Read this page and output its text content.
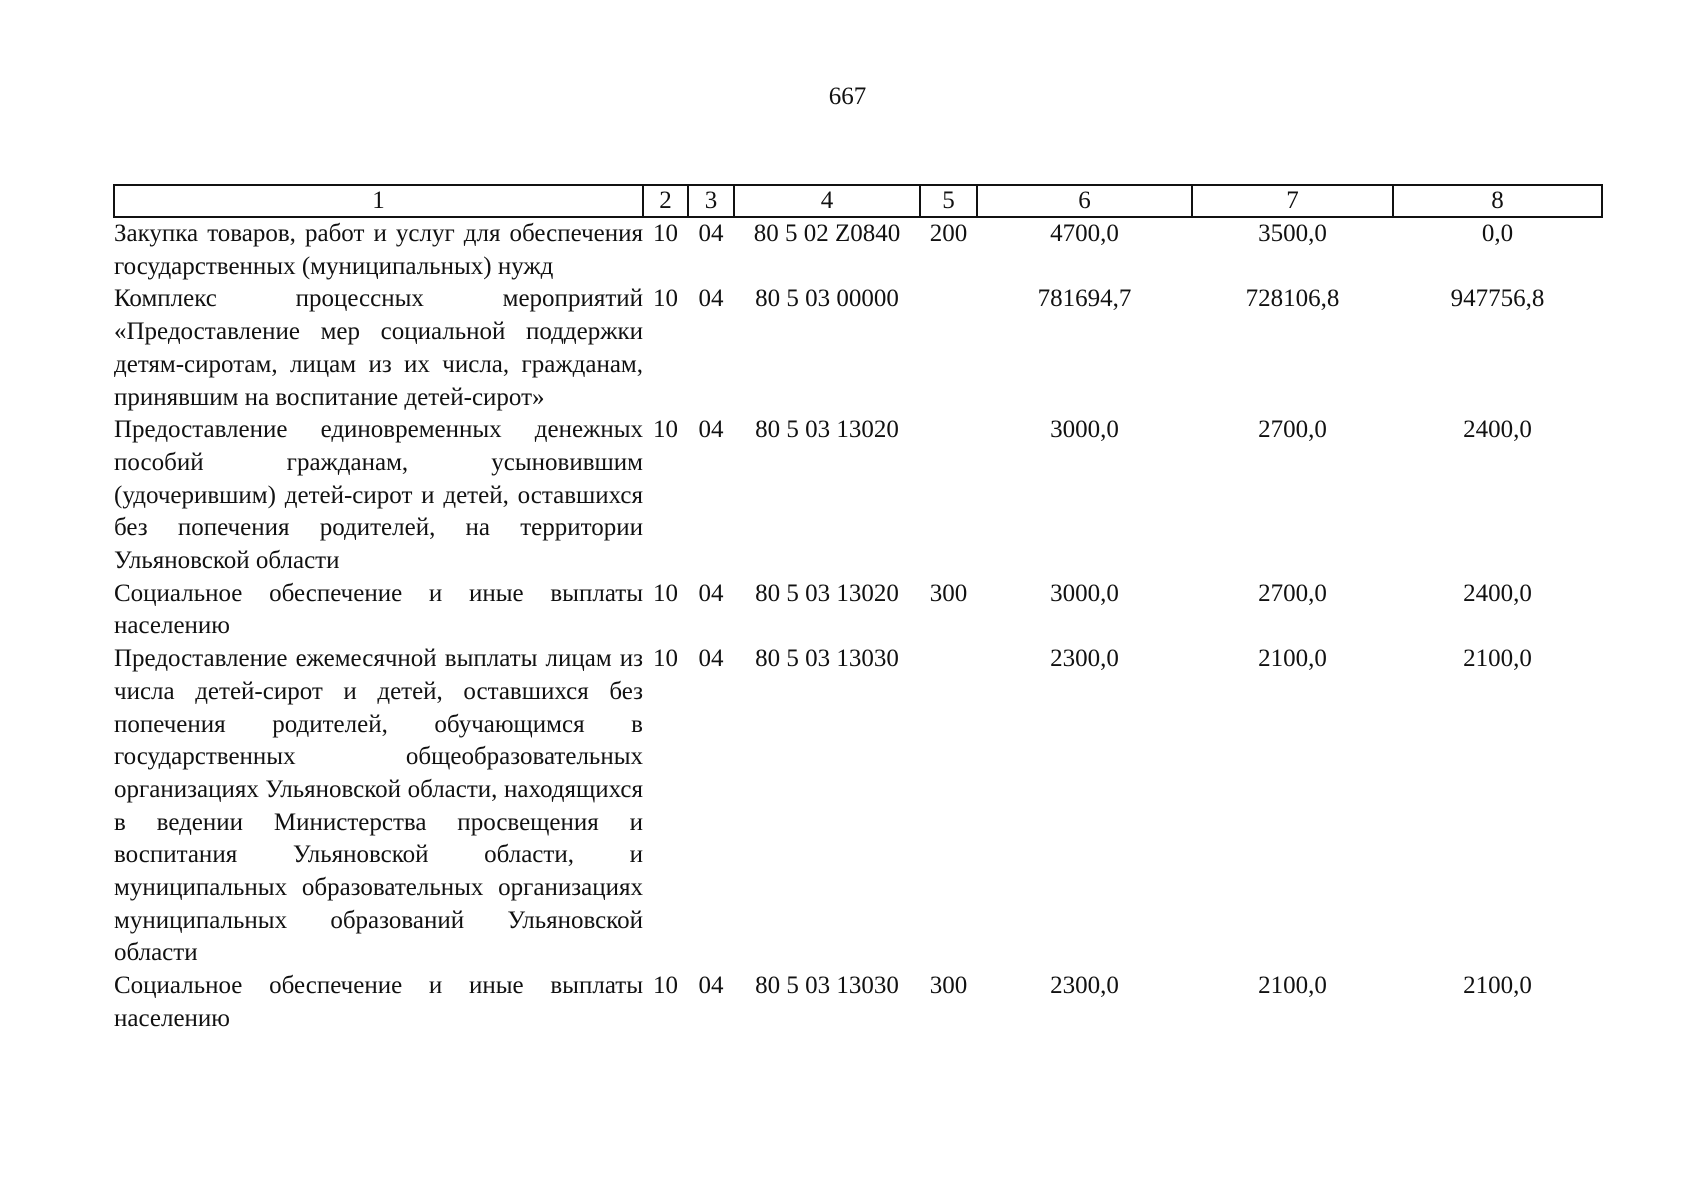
667
1	2	3	4	5	6	7	8
Закупка товаров, работ и услуг для обеспечения государственных (муниципальных) нужд	10	04	80 5 02 Z0840	200	4700,0	3500,0	0,0
Комплекс процессных мероприятий «Предоставление мер социальной поддержки детям-сиротам, лицам из их числа, гражданам, принявшим на воспитание детей-сирот»	10	04	80 5 03 00000		781694,7	728106,8	947756,8
Предоставление единовременных денежных пособий гражданам, усыновившим (удочерившим) детей-сирот и детей, оставшихся без попечения родителей, на территории Ульяновской области	10	04	80 5 03 13020		3000,0	2700,0	2400,0
Социальное обеспечение и иные выплаты населению	10	04	80 5 03 13020	300	3000,0	2700,0	2400,0
Предоставление ежемесячной выплаты лицам из числа детей-сирот и детей, оставшихся без попечения родителей, обучающимся в государственных общеобразовательных организациях Ульяновской области, находящихся в ведении Министерства просвещения и воспитания Ульяновской области, и муниципальных образовательных организациях муниципальных образований Ульяновской области	10	04	80 5 03 13030		2300,0	2100,0	2100,0
Социальное обеспечение и иные выплаты населению	10	04	80 5 03 13030	300	2300,0	2100,0	2100,0
